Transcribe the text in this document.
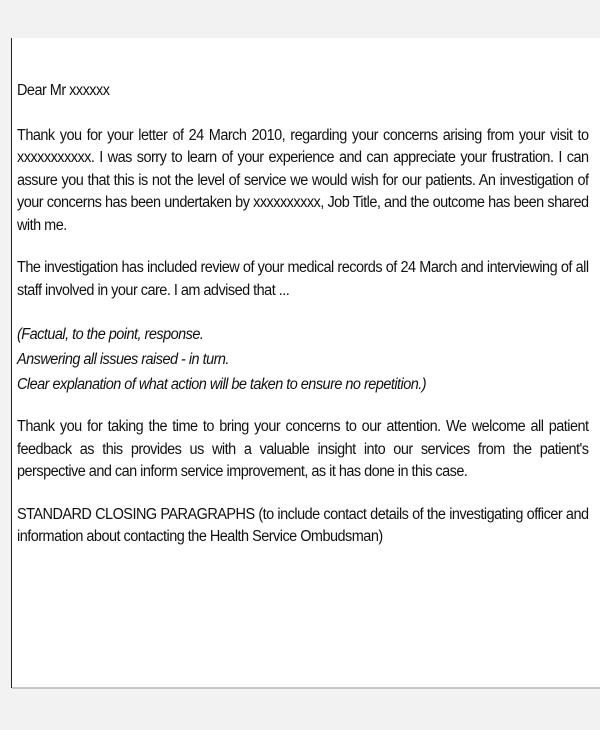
Dear Mr xxxxxx

Thank you for your letter of 24 March 2010, regarding your concerns arising from your visit to xxxxxxxxxxx. I was sorry to learn of your experience and can appreciate your frustration. I can assure you that this is not the level of service we would wish for our patients. An investigation of your concerns has been undertaken by xxxxxxxxxx, Job Title, and the outcome has been shared with me.

The investigation has included review of your medical records of 24 March and interviewing of all staff involved in your care. I am advised that ...

(Factual, to the point, response.
Answering all issues raised - in turn.
Clear explanation of what action will be taken to ensure no repetition.)

Thank you for taking the time to bring your concerns to our attention. We welcome all patient feedback as this provides us with a valuable insight into our services from the patient's perspective and can inform service improvement, as it has done in this case.

STANDARD CLOSING PARAGRAPHS (to include contact details of the investigating officer and information about contacting the Health Service Ombudsman)
